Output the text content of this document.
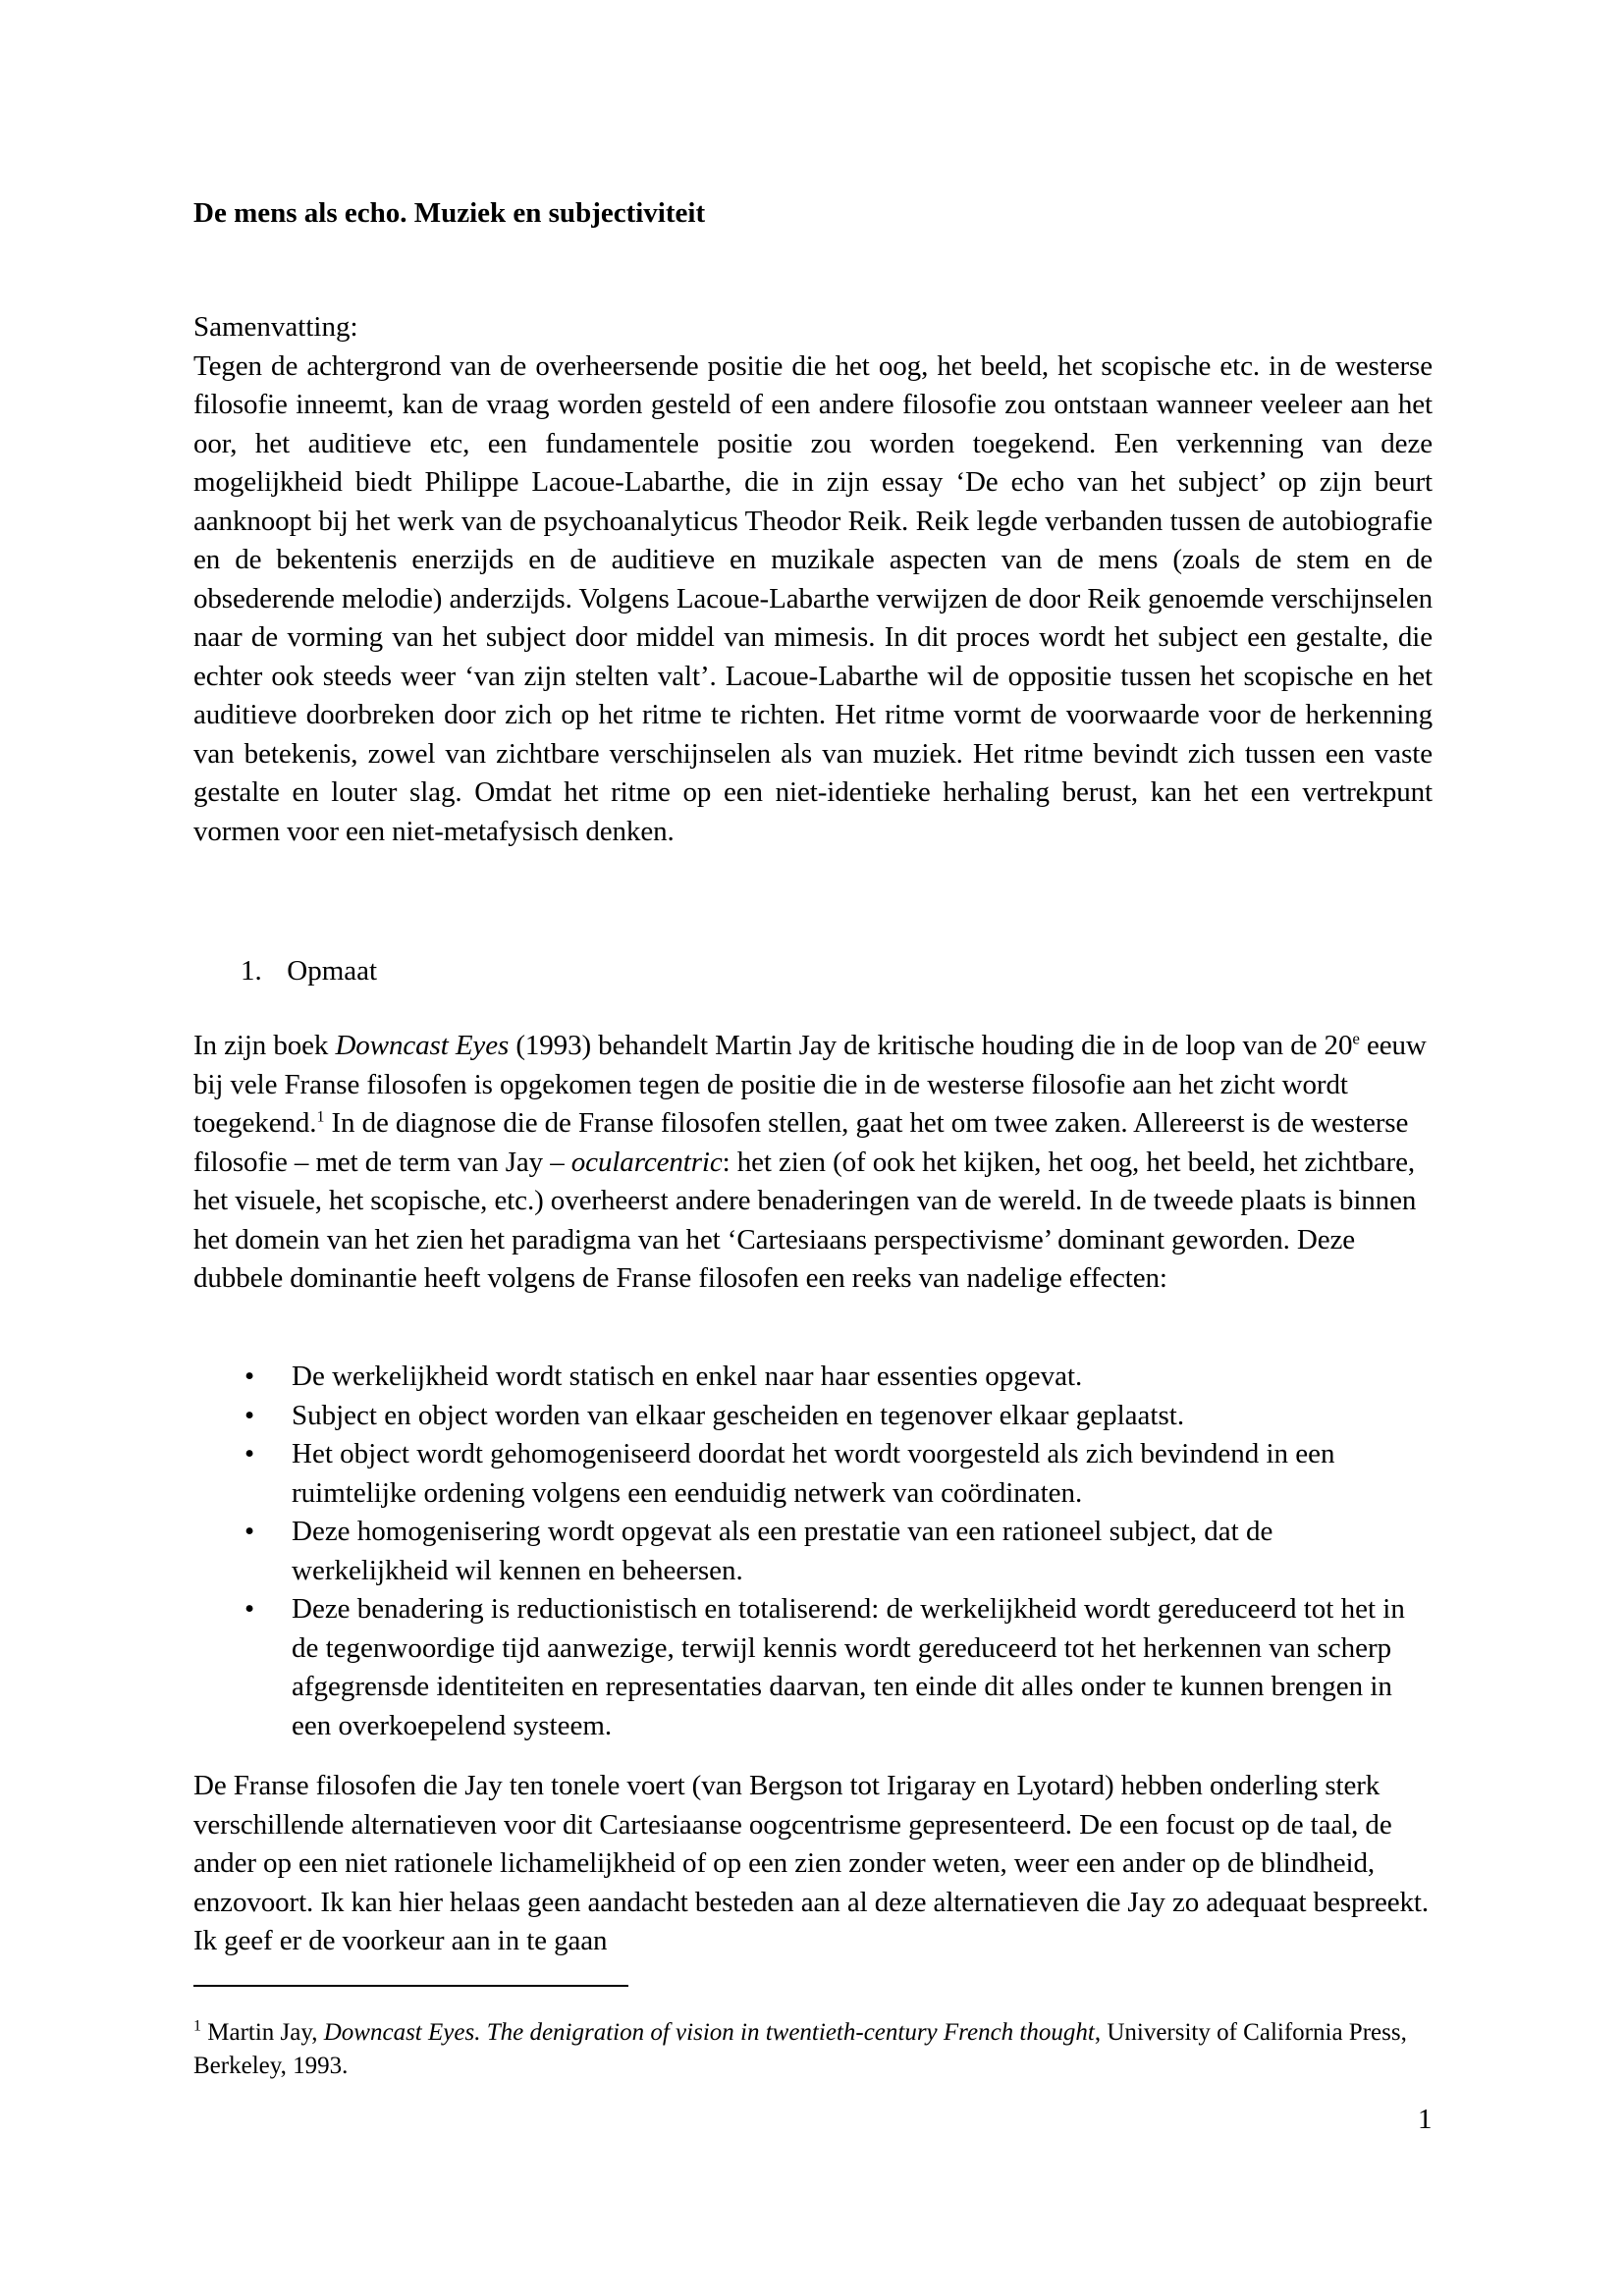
De mens als echo. Muziek en subjectiviteit

Samenvatting:

Tegen de achtergrond van de overheersende positie die het oog, het beeld, het scopische etc. in de westerse filosofie inneemt, kan de vraag worden gesteld of een andere filosofie zou ontstaan wanneer veeleer aan het oor, het auditieve etc, een fundamentele positie zou worden toegekend. Een verkenning van deze mogelijkheid biedt Philippe Lacoue-Labarthe, die in zijn essay ‘De echo van het subject’ op zijn beurt aanknoopt bij het werk van de psychoanalyticus Theodor Reik. Reik legde verbanden tussen de autobiografie en de bekentenis enerzijds en de auditieve en muzikale aspecten van de mens (zoals de stem en de obsederende melodie) anderzijds. Volgens Lacoue-Labarthe verwijzen de door Reik genoemde verschijnselen naar de vorming van het subject door middel van mimesis. In dit proces wordt het subject een gestalte, die echter ook steeds weer ‘van zijn stelten valt’. Lacoue-Labarthe wil de oppositie tussen het scopische en het auditieve doorbreken door zich op het ritme te richten. Het ritme vormt de voorwaarde voor de herkenning van betekenis, zowel van zichtbare verschijnselen als van muziek. Het ritme bevindt zich tussen een vaste gestalte en louter slag. Omdat het ritme op een niet-identieke herhaling berust, kan het een vertrekpunt vormen voor een niet-metafysisch denken.

1. Opmaat

In zijn boek Downcast Eyes (1993) behandelt Martin Jay de kritische houding die in de loop van de 20e eeuw bij vele Franse filosofen is opgekomen tegen de positie die in de westerse filosofie aan het zicht wordt toegekend.$^1$ In de diagnose die de Franse filosofen stellen, gaat het om twee zaken. Allereerst is de westerse filosofie – met de term van Jay – ocularcentric: het zien (of ook het kijken, het oog, het beeld, het zichtbare, het visuele, het scopische, etc.) overheerst andere benaderingen van de wereld. In de tweede plaats is binnen het domein van het zien het paradigma van het ‘Cartesiaans perspectivisme’ dominant geworden. Deze dubbele dominantie heeft volgens de Franse filosofen een reeks van nadelige effecten:

• De werkelijkheid wordt statisch en enkel naar haar essenties opgevat.
• Subject en object worden van elkaar gescheiden en tegenover elkaar geplaatst.
• Het object wordt gehomogeniseerd doordat het wordt voorgesteld als zich bevindend in een ruimtelijke ordening volgens een eenduidig netwerk van coördinaten.
• Deze homogenisering wordt opgevat als een prestatie van een rationeel subject, dat de werkelijkheid wil kennen en beheersen.
• Deze benadering is reductionistisch en totaliserend: de werkelijkheid wordt gereduceerd tot het in de tegenwoordige tijd aanwezige, terwijl kennis wordt gereduceerd tot het herkennen van scherp afgegrensde identiteiten en representaties daarvan, ten einde dit alles onder te kunnen brengen in een overkoepelend systeem.

De Franse filosofen die Jay ten tonele voert (van Bergson tot Irigaray en Lyotard) hebben onderling sterk verschillende alternatieven voor dit Cartesiaanse oogcentrisme gepresenteerd. De een focust op de taal, de ander op een niet rationele lichamelijkheid of op een zien zonder weten, weer een ander op de blindheid, enzovoort. Ik kan hier helaas geen aandacht besteden aan al deze alternatieven die Jay zo adequaat bespreekt. Ik geef er de voorkeur aan in te gaan

$^1$ Martin Jay, Downcast Eyes. The denigration of vision in twentieth-century French thought, University of California Press, Berkeley, 1993.

1
